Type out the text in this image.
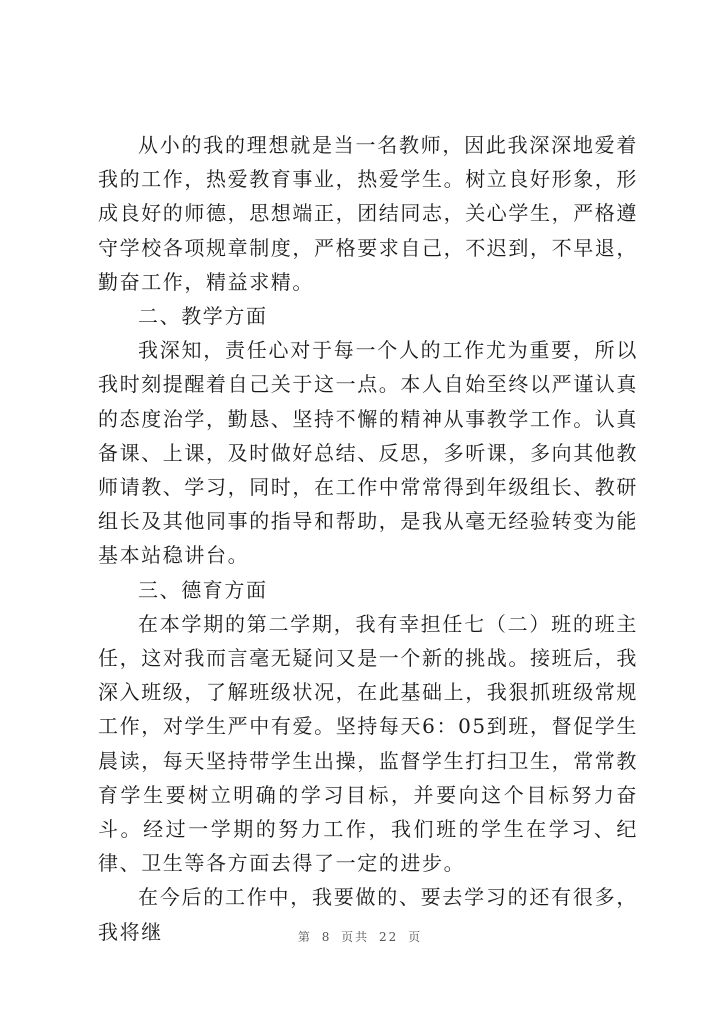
从小的我的理想就是当一名教师，因此我深深地爱着我的工作，热爱教育事业，热爱学生。树立良好形象，形成良好的师德，思想端正，团结同志，关心学生，严格遵守学校各项规章制度，严格要求自己，不迟到，不早退，勤奋工作，精益求精。

二、教学方面

我深知，责任心对于每一个人的工作尤为重要，所以我时刻提醒着自己关于这一点。本人自始至终以严谨认真的态度治学，勤恳、坚持不懈的精神从事教学工作。认真备课、上课，及时做好总结、反思，多听课，多向其他教师请教、学习，同时，在工作中常常得到年级组长、教研组长及其他同事的指导和帮助，是我从毫无经验转变为能基本站稳讲台。

三、德育方面

在本学期的第二学期，我有幸担任七（二）班的班主任，这对我而言毫无疑问又是一个新的挑战。接班后，我深入班级，了解班级状况，在此基础上，我狠抓班级常规工作，对学生严中有爱。坚持每天6：05到班，督促学生晨读，每天坚持带学生出操，监督学生打扫卫生，常常教育学生要树立明确的学习目标，并要向这个目标努力奋斗。经过一学期的努力工作，我们班的学生在学习、纪律、卫生等各方面去得了一定的进步。

在今后的工作中，我要做的、要去学习的还有很多，我将继	第 8 页共 22 页
